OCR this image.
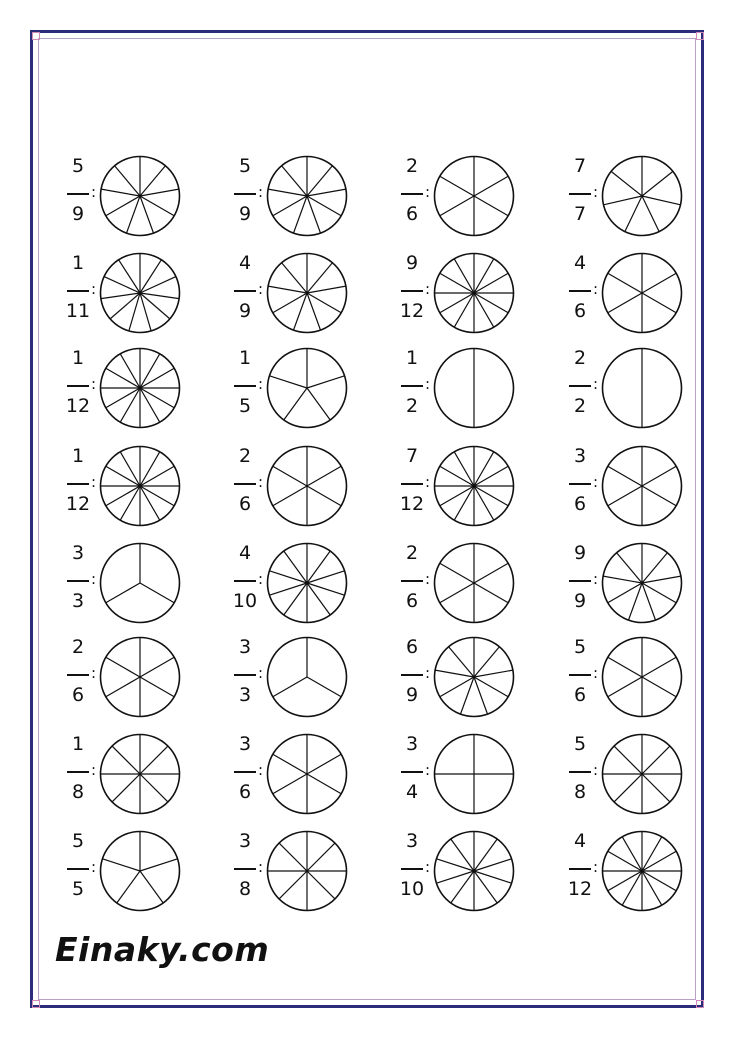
5
9
:
5
9
:
2
6
:
7
7
:
1
11
:
4
9
:
9
12
:
4
6
:
1
12
:
1
5
:
1
2
:
2
2
:
1
12
:
2
6
:
7
12
:
3
6
:
3
3
:
4
10
:
2
6
:
9
9
:
2
6
:
3
3
:
6
9
:
5
6
:
1
8
:
3
6
:
3
4
:
5
8
:
5
5
:
3
8
:
3
10
:
4
12
:
Einaky.com
